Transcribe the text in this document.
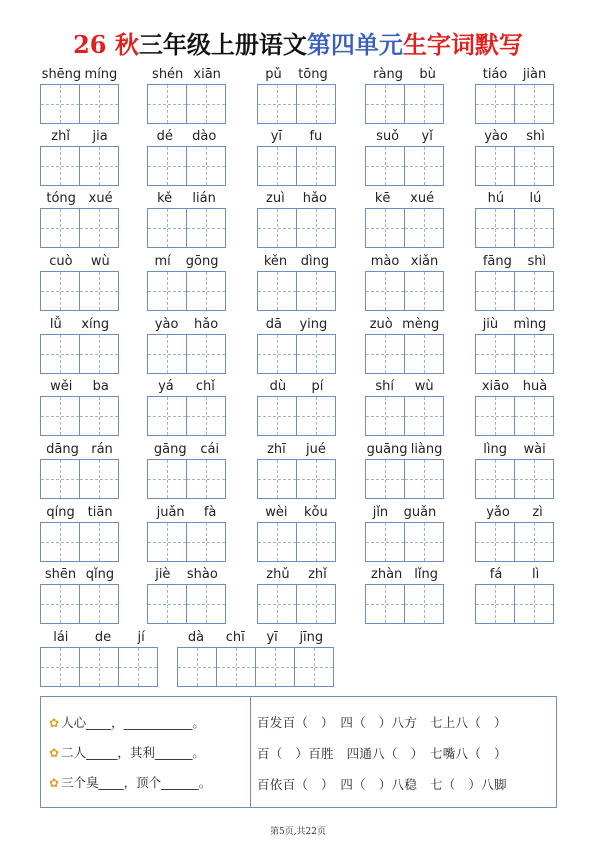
26 秋三年级上册语文第四单元生字词默写
shēng míng	shén xiān	pǔ tōng	ràng bù	tiáo jiàn
zhǐ jia	dé dào	yī fu	suǒ yǐ	yào shì
tóng xué	kě lián	zuì hǎo	kē xué	hú lú
cuò wù	mí gōng	kěn dìng	mào xiǎn	fāng shì
lǚ xíng	yào hǎo	dā ying	zuò mèng	jiù mìng
wěi ba	yá chǐ	dù pí	shí wù	xiāo huà
dāng rán	gāng cái	zhī jué	guāng liàng	lìng wài
qíng tiān	juǎn fà	wèi kǒu	jǐn guǎn	yǎo zì
shēn qǐng	jiè shào	zhǔ zhǐ	zhàn lǐng	fá lì
lái de jí	dà chī yī jīng
✿ 人心____，___________。
✿ 二人_____，其利______。
✿ 三个臭____，顶个______。
百发百（　）　四（　）八方　七上八（　）
百（　）百胜　四通八（　）　七嘴八（　）
百依百（　）　四（　）八稳　七（　）八脚
第5页,共22页
